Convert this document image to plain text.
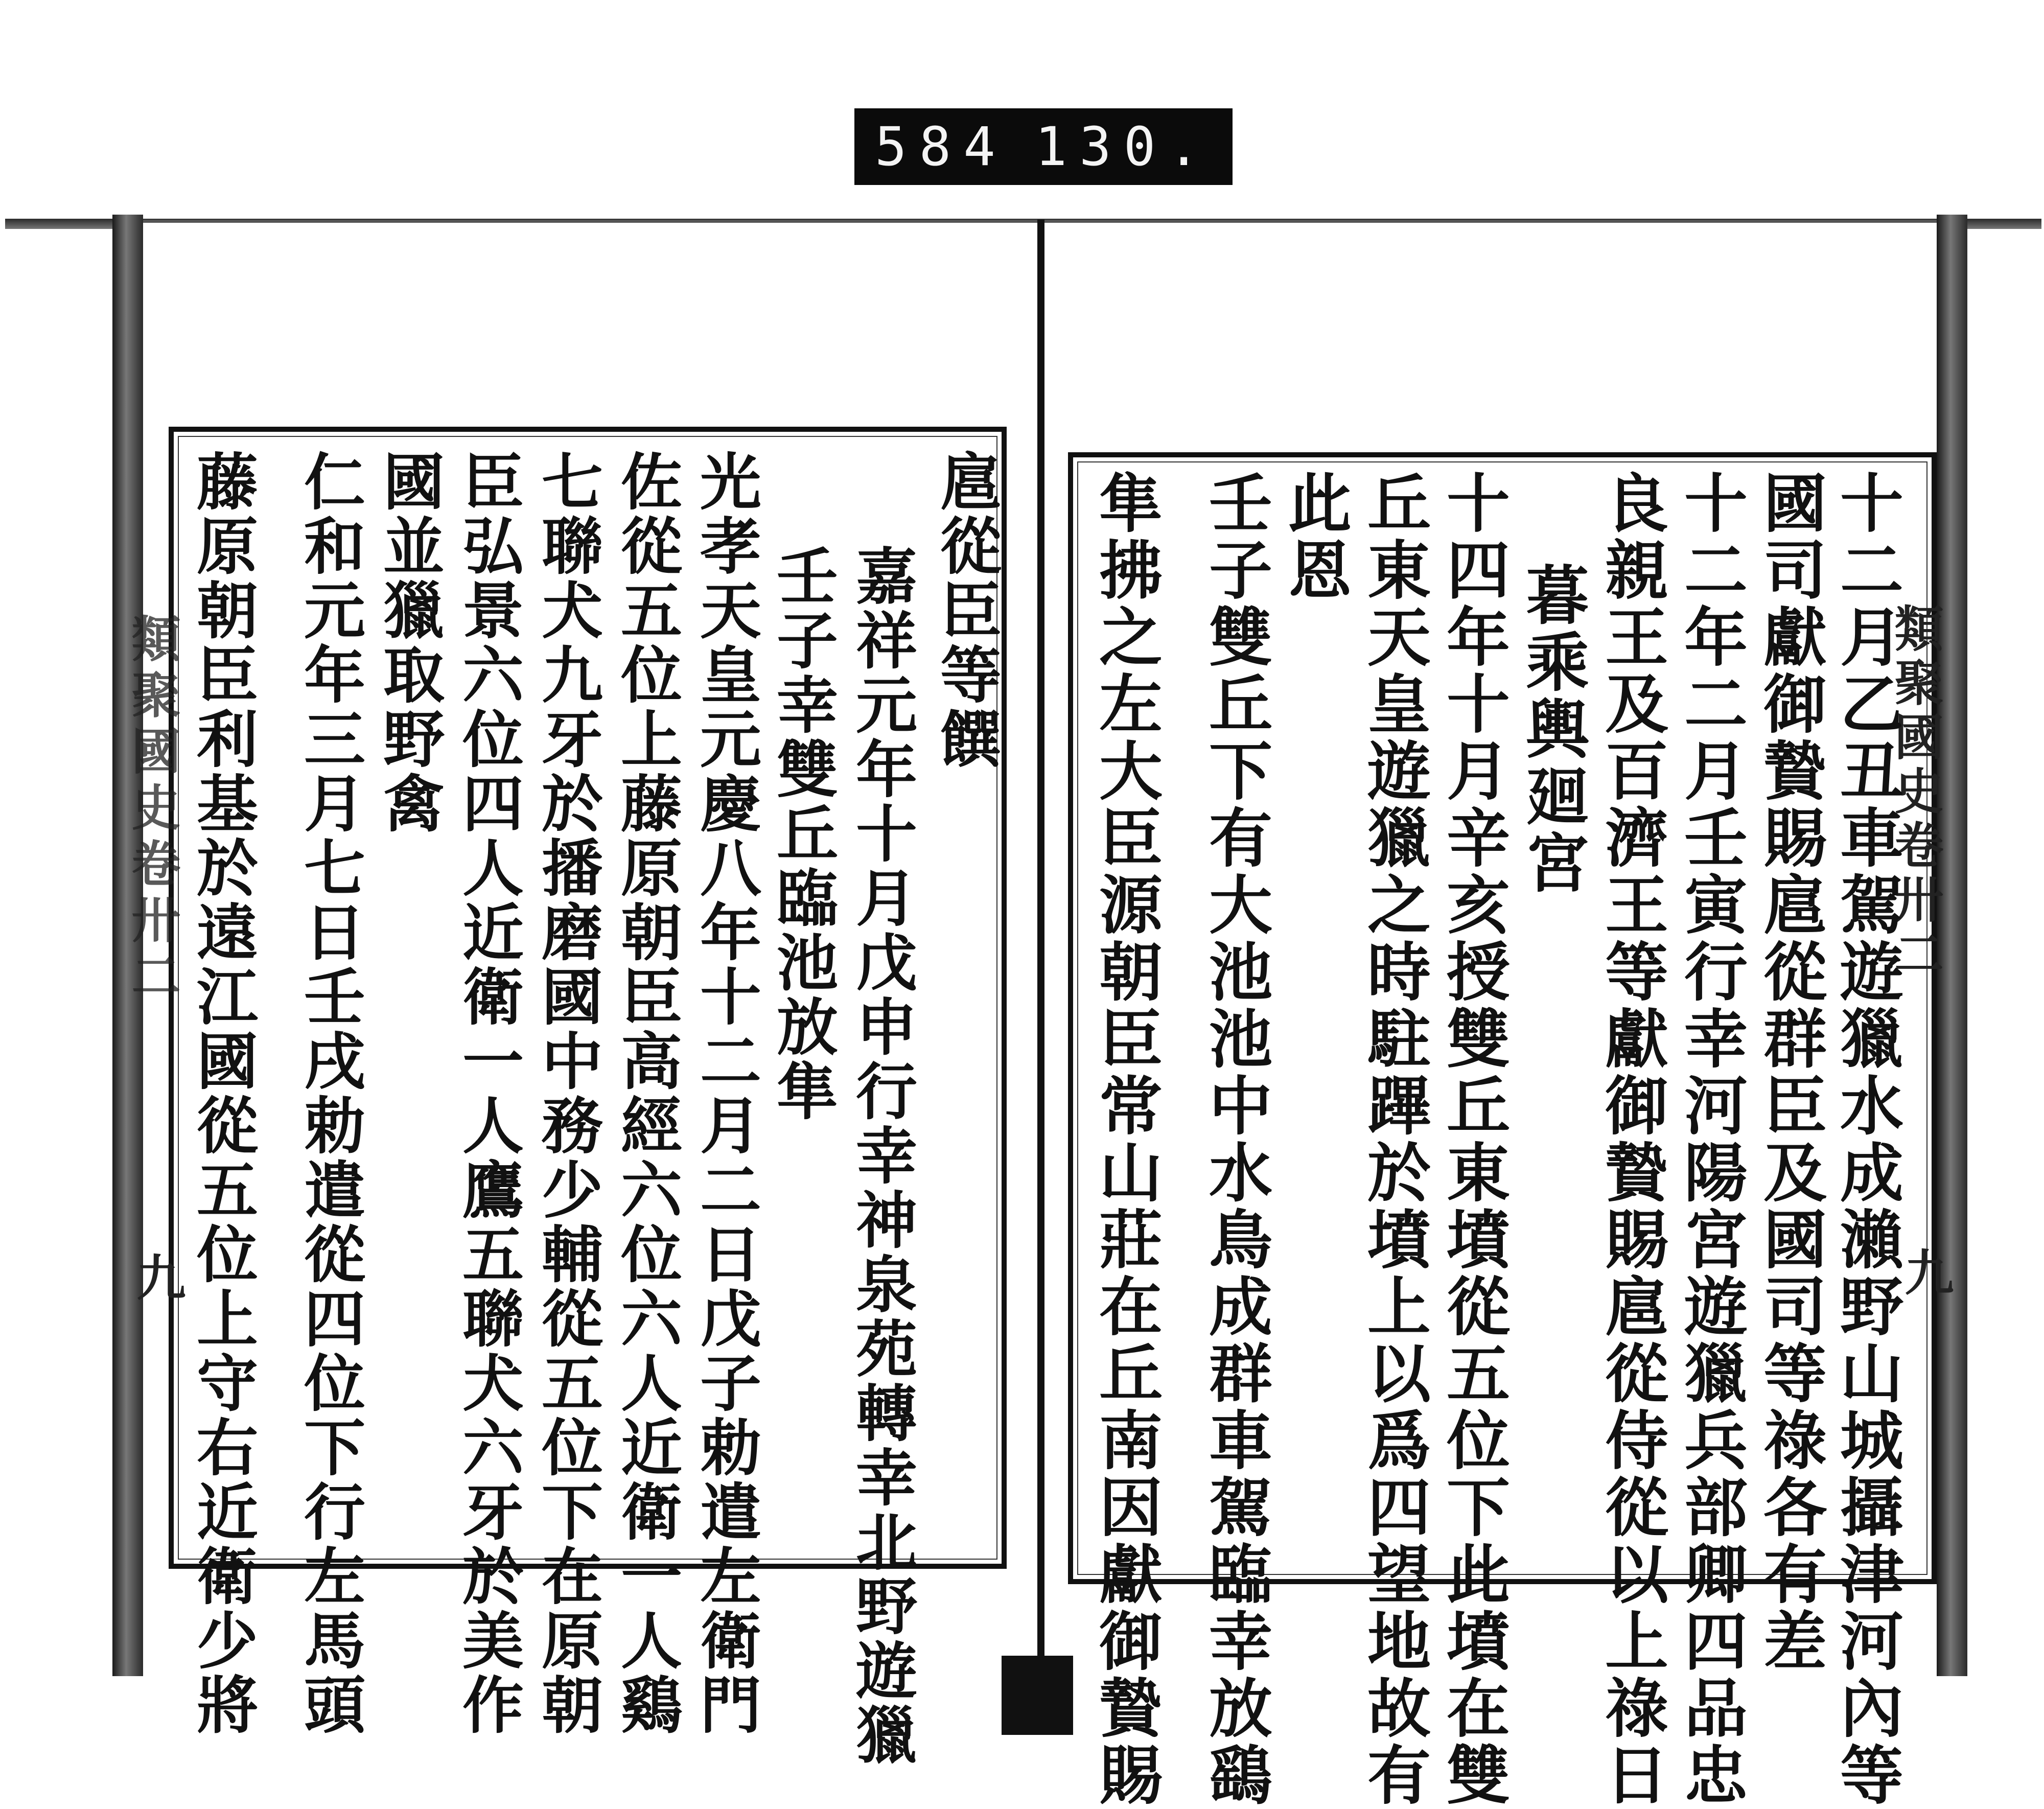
584 130.
類聚國史卷卅二
九
類聚國史卷卅二
九
扈從臣等饌
嘉祥元年十月戊申行幸神泉苑轉幸北野遊獵
壬子幸雙丘臨池放隼
光孝天皇元慶八年十二月二日戊子勅遣左衛門
佐從五位上藤原朝臣高經六位六人近衛一人鷄
七聯犬九牙於播磨國中務少輔從五位下在原朝
臣弘景六位四人近衛一人鷹五聯犬六牙於美作
國並獵取野禽
仁和元年三月七日壬戌勅遣從四位下行左馬頭
藤原朝臣利基於遠江國從五位上守右近衛少將	十二月乙丑車駕遊獵水成瀨野山城攝津河內等
國司獻御贄賜扈從群臣及國司等祿各有差
十二年二月壬寅行幸河陽宮遊獵兵部卿四品忠
良親王及百濟王等獻御贄賜扈從侍從以上祿日
暮乘輿廻宮
十四年十月辛亥授雙丘東墳從五位下此墳在雙
丘東天皇遊獵之時駐蹕於墳上以爲四望地故有
此恩
壬子雙丘下有大池池中水鳥成群車駕臨幸放鷂
隼拂之左大臣源朝臣常山莊在丘南因獻御贄賜
